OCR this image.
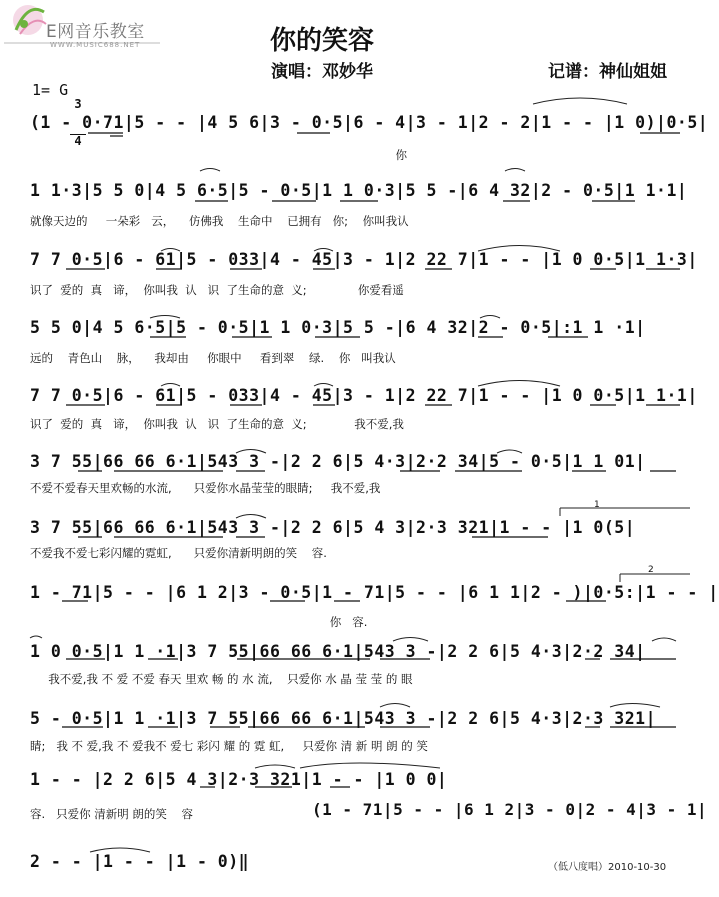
E网音乐教室

WWW.MUSIC688.NET	你的笑容
演唱：邓妙华	记谱：神仙姐姐
1= G

$\frac{3}{4}$

(1 - 0·71|5 - - |4 5 6|3 - 0·5|6 - 4|3 - 1|2 - 2|1 - - |1 0)|0·5|
你
1 1·3|5 5 0|4 5 6·5|5 - 0·5|1 1 0·3|5 5 -|6 4 32|2 - 0·5|1 1·1|
就像天边的     一朵彩   云，    仿佛我    生命中    已拥有   你;    你叫我认
7 7 0·5|6 - 61|5 - 033|4 - 45|3 - 1|2 22 7|1 - - |1 0 0·5|1 1·3|
识了  爱的  真   谛，  你叫我  认   识  了生命的意  义;              你爱看遥
5 5 0|4 5 6·5|5 - 0·5|1 1 0·3|5 5 -|6 4 32|2 - 0·5|:1 1 ·1|
远的    青色山    脉，    我却由     你眼中     看到翠    绿.    你   叫我认
7 7 0·5|6 - 61|5 - 033|4 - 45|3 - 1|2 22 7|1 - - |1 0 0·5|1 1·1|
识了  爱的  真   谛，  你叫我  认   识  了生命的意  义;             我不爱,我
3 7 55|66 66 6·1|543 3 -|2 2 6|5 4·3|2·2 34|5 - 0·5|1 1 01|
不爱不爱春天里欢畅的水流,      只爱你水晶莹莹的眼睛;     我不爱,我
1
3 7 55|66 66 6·1|543 3 -|2 2 6|5 4 3|2·3 321|1 - - |1 0(5|
不爱我不爱七彩闪耀的霓虹,      只爱你清新明朗的笑    容.
2
1 - 71|5 - - |6 1 2|3 - 0·5|1 - 71|5 - - |6 1 1|2 - )|0·5:|1 - - |
你   容.
1 0 0·5|1 1 ·1|3 7 55|66 66 6·1|543 3 -|2 2 6|5 4·3|2·2 34|
我不爱,我 不 爱 不爱 春天 里欢 畅 的 水 流,    只爱你 水 晶 莹 莹 的 眼
5 - 0·5|1 1 ·1|3 7 55|66 66 6·1|543 3 -|2 2 6|5 4·3|2·3 321|
睛;   我 不 爱,我 不 爱我不 爱七 彩闪 耀 的 霓 虹,     只爱你 清 新 明 朗 的 笑
1 - - |2 2 6|5 4 3|2·3 321|1 - - |1 0 0|
容.   只爱你 清新明 朗的笑    容	(1 - 71|5 - - |6 1 2|3 - 0|2 - 4|3 - 1|
2 - - |1 - - |1 - 0)‖	（低八度唱）2010-10-30
